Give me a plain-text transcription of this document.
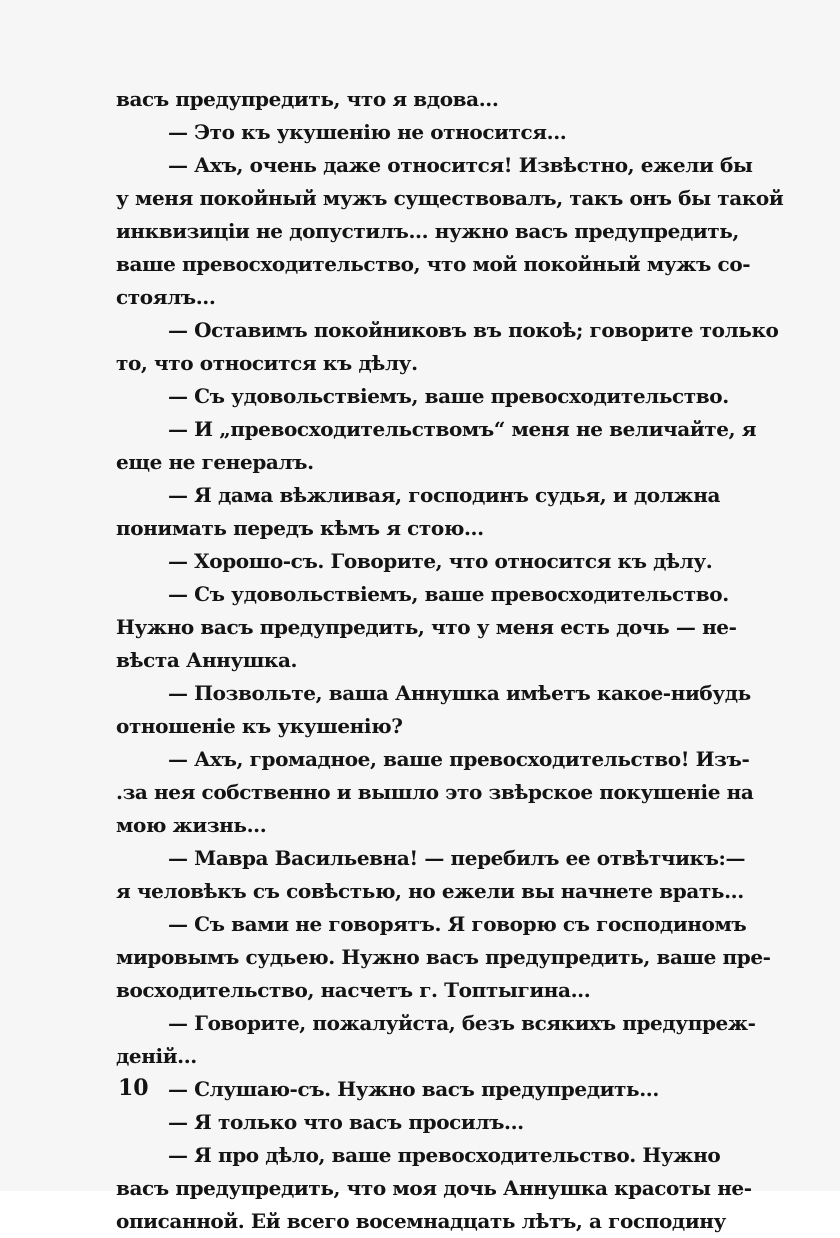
васъ предупредить, что я вдова...
— Это къ укушенію не относится...
— Ахъ, очень даже относится! Извѣстно, ежели бы
у меня покойный мужъ существовалъ, такъ онъ бы такой
инквизиціи не допустилъ... нужно васъ предупредить,
ваше превосходительство, что мой покойный мужъ со-
стоялъ...
— Оставимъ покойниковъ въ покоѣ; говорите только
то, что относится къ дѣлу.
— Съ удовольствіемъ, ваше превосходительство.
— И „превосходительствомъ“ меня не величайте, я
еще не генералъ.
— Я дама вѣжливая, господинъ судья, и должна
понимать передъ кѣмъ я стою...
— Хорошо-съ. Говорите, что относится къ дѣлу.
— Съ удовольствіемъ, ваше превосходительство.
Нужно васъ предупредить, что у меня есть дочь — не-
вѣста Аннушка.
— Позвольте, ваша Аннушка имѣетъ какое-нибудь
отношеніе къ укушенію?
— Ахъ, громадное, ваше превосходительство! Изъ-
.за нея собственно и вышло это звѣрское покушеніе на
мою жизнь...
— Мавра Васильевна! — перебилъ ее отвѣтчикъ:—
я человѣкъ съ совѣстью, но ежели вы начнете врать...
— Съ вами не говорятъ. Я говорю съ господиномъ
мировымъ судьею. Нужно васъ предупредить, ваше пре-
восходительство, насчетъ г. Топтыгина...
— Говорите, пожалуйста, безъ всякихъ предупреж-
деній...
— Слушаю-съ. Нужно васъ предупредить...
— Я только что васъ просилъ...
— Я про дѣло, ваше превосходительство. Нужно
васъ предупредить, что моя дочь Аннушка красоты не-
описанной. Ей всего восемнадцать лѣтъ, а господину
10
